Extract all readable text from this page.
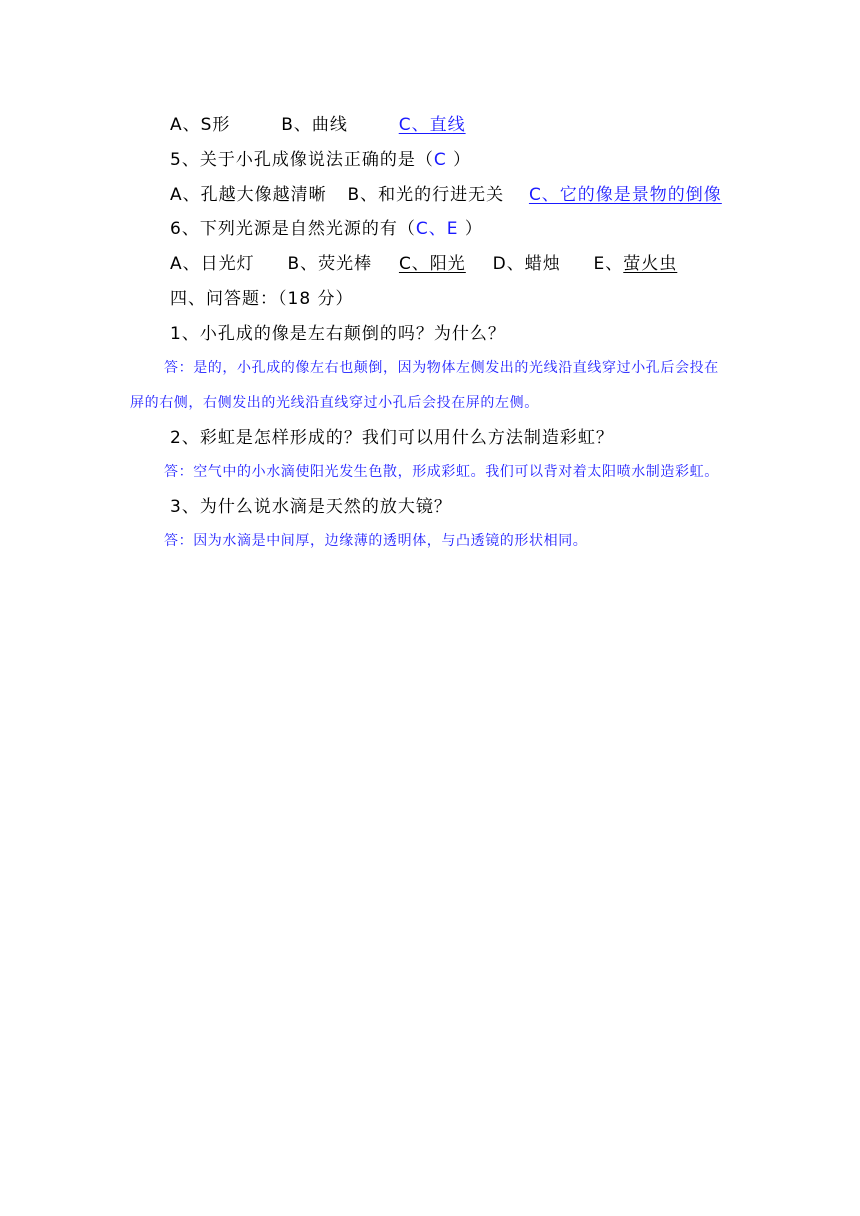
A、S形	B、曲线	C、直线
5、关于小孔成像说法正确的是（C ）
A、孔越大像越清晰 B、和光的行进无关 C、它的像是景物的倒像
6、下列光源是自然光源的有（C、E ）
A、日光灯 B、荧光棒  C、阳光  D、蜡烛 E、萤火虫
四、问答题：（18 分）
1、小孔成的像是左右颠倒的吗？为什么？
答：是的，小孔成的像左右也颠倒，因为物体左侧发出的光线沿直线穿过小孔后会投在
屏的右侧，右侧发出的光线沿直线穿过小孔后会投在屏的左侧。
2、彩虹是怎样形成的？我们可以用什么方法制造彩虹？
答：空气中的小水滴使阳光发生色散，形成彩虹。我们可以背对着太阳喷水制造彩虹。
3、为什么说水滴是天然的放大镜？
答：因为水滴是中间厚，边缘薄的透明体，与凸透镜的形状相同。
